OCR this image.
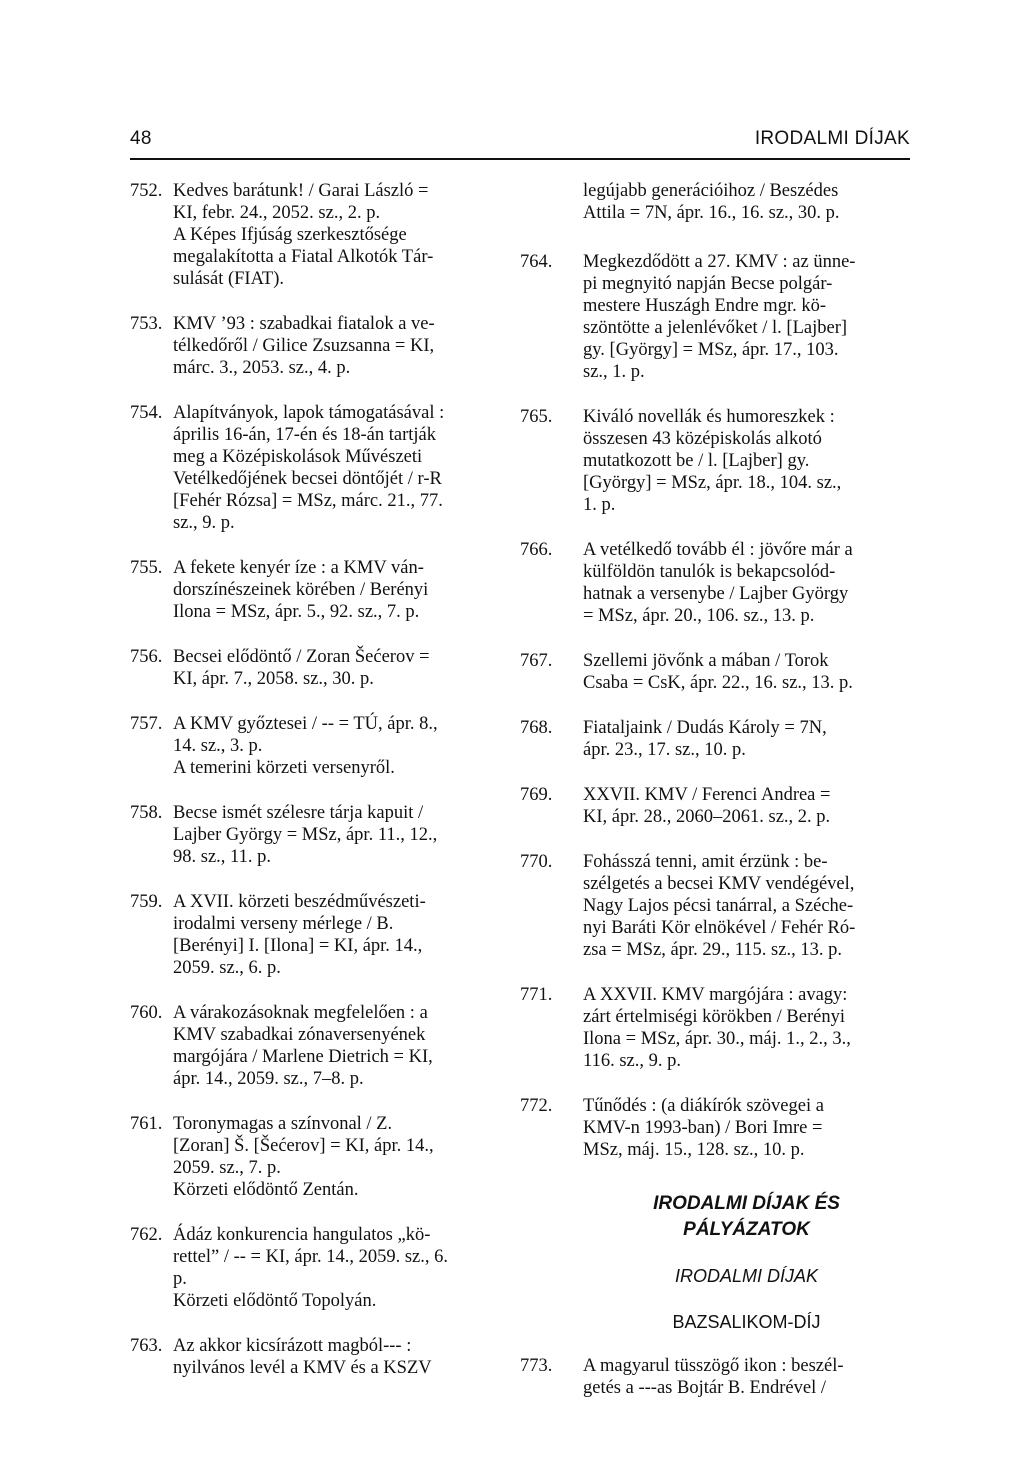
48	IRODALMI DÍJAK
752. Kedves barátunk! / Garai László =
KI, febr. 24., 2052. sz., 2. p.
A Képes Ifjúság szerkesztősége
megalakította a Fiatal Alkotók Tár-
sulását (FIAT).
753. KMV ’93 : szabadkai fiatalok a ve-
télkedőről / Gilice Zsuzsanna = KI,
márc. 3., 2053. sz., 4. p.
754. Alapítványok, lapok támogatásával :
április 16-án, 17-én és 18-án tartják
meg a Középiskolások Művészeti
Vetélkedőjének becsei döntőjét / r-R
[Fehér Rózsa] = MSz, márc. 21., 77.
sz., 9. p.
755. A fekete kenyér íze : a KMV ván-
dorszínészeinek körében / Berényi
Ilona = MSz, ápr. 5., 92. sz., 7. p.
756. Becsei elődöntő / Zoran Šećerov =
KI, ápr. 7., 2058. sz., 30. p.
757. A KMV győztesei / -- = TÚ, ápr. 8.,
14. sz., 3. p.
A temerini körzeti versenyről.
758. Becse ismét szélesre tárja kapuit /
Lajber György = MSz, ápr. 11., 12.,
98. sz., 11. p.
759. A XVII. körzeti beszédművészeti-
irodalmi verseny mérlege / B.
[Berényi] I. [Ilona] = KI, ápr. 14.,
2059. sz., 6. p.
760. A várakozásoknak megfelelően : a
KMV szabadkai zónaversenyének
margójára / Marlene Dietrich = KI,
ápr. 14., 2059. sz., 7–8. p.
761. Toronymagas a színvonal / Z.
[Zoran] Š. [Šećerov] = KI, ápr. 14.,
2059. sz., 7. p.
Körzeti elődöntő Zentán.
762. Ádáz konkurencia hangulatos „kö-
rettel” / -- = KI, ápr. 14., 2059. sz., 6.
p.
Körzeti elődöntő Topolyán.
763. Az akkor kicsírázott magból--- :
nyilvános levél a KMV és a KSZV
legújabb generációihoz / Beszédes
Attila = 7N, ápr. 16., 16. sz., 30. p.
764.	Megkezdődött a 27. KMV : az ünne-
pi megnyitó napján Becse polgár-
mestere Huszágh Endre mgr. kö-
szöntötte a jelenlévőket / l. [Lajber]
gy. [György] = MSz, ápr. 17., 103.
sz., 1. p.
765.	Kiváló novellák és humoreszkek :
összesen 43 középiskolás alkotó
mutatkozott be / l. [Lajber] gy.
[György] = MSz, ápr. 18., 104. sz.,
1. p.
766.	A vetélkedő tovább él : jövőre már a
külföldön tanulók is bekapcsolód-
hatnak a versenybe / Lajber György
= MSz, ápr. 20., 106. sz., 13. p.
767.	Szellemi jövőnk a mában / Torok
Csaba = CsK, ápr. 22., 16. sz., 13. p.
768.	Fiataljaink / Dudás Károly = 7N,
ápr. 23., 17. sz., 10. p.
769.	XXVII. KMV / Ferenci Andrea =
KI, ápr. 28., 2060–2061. sz., 2. p.
770.	Fohásszá tenni, amit érzünk : be-
szélgetés a becsei KMV vendégével,
Nagy Lajos pécsi tanárral, a Széche-
nyi Baráti Kör elnökével / Fehér Ró-
zsa = MSz, ápr. 29., 115. sz., 13. p.
771.	A XXVII. KMV margójára : avagy:
zárt értelmiségi körökben / Berényi
Ilona = MSz, ápr. 30., máj. 1., 2., 3.,
116. sz., 9. p.
772.	Tűnődés : (a diákírók szövegei a
KMV-n 1993-ban) / Bori Imre =
MSz, máj. 15., 128. sz., 10. p.
IRODALMI DÍJAK ÉS
PÁLYÁZATOK
IRODALMI DÍJAK
BAZSALIKOM-DÍJ
773.	A magyarul tüsszögő ikon : beszél-
getés a ---as Bojtár B. Endrével /
